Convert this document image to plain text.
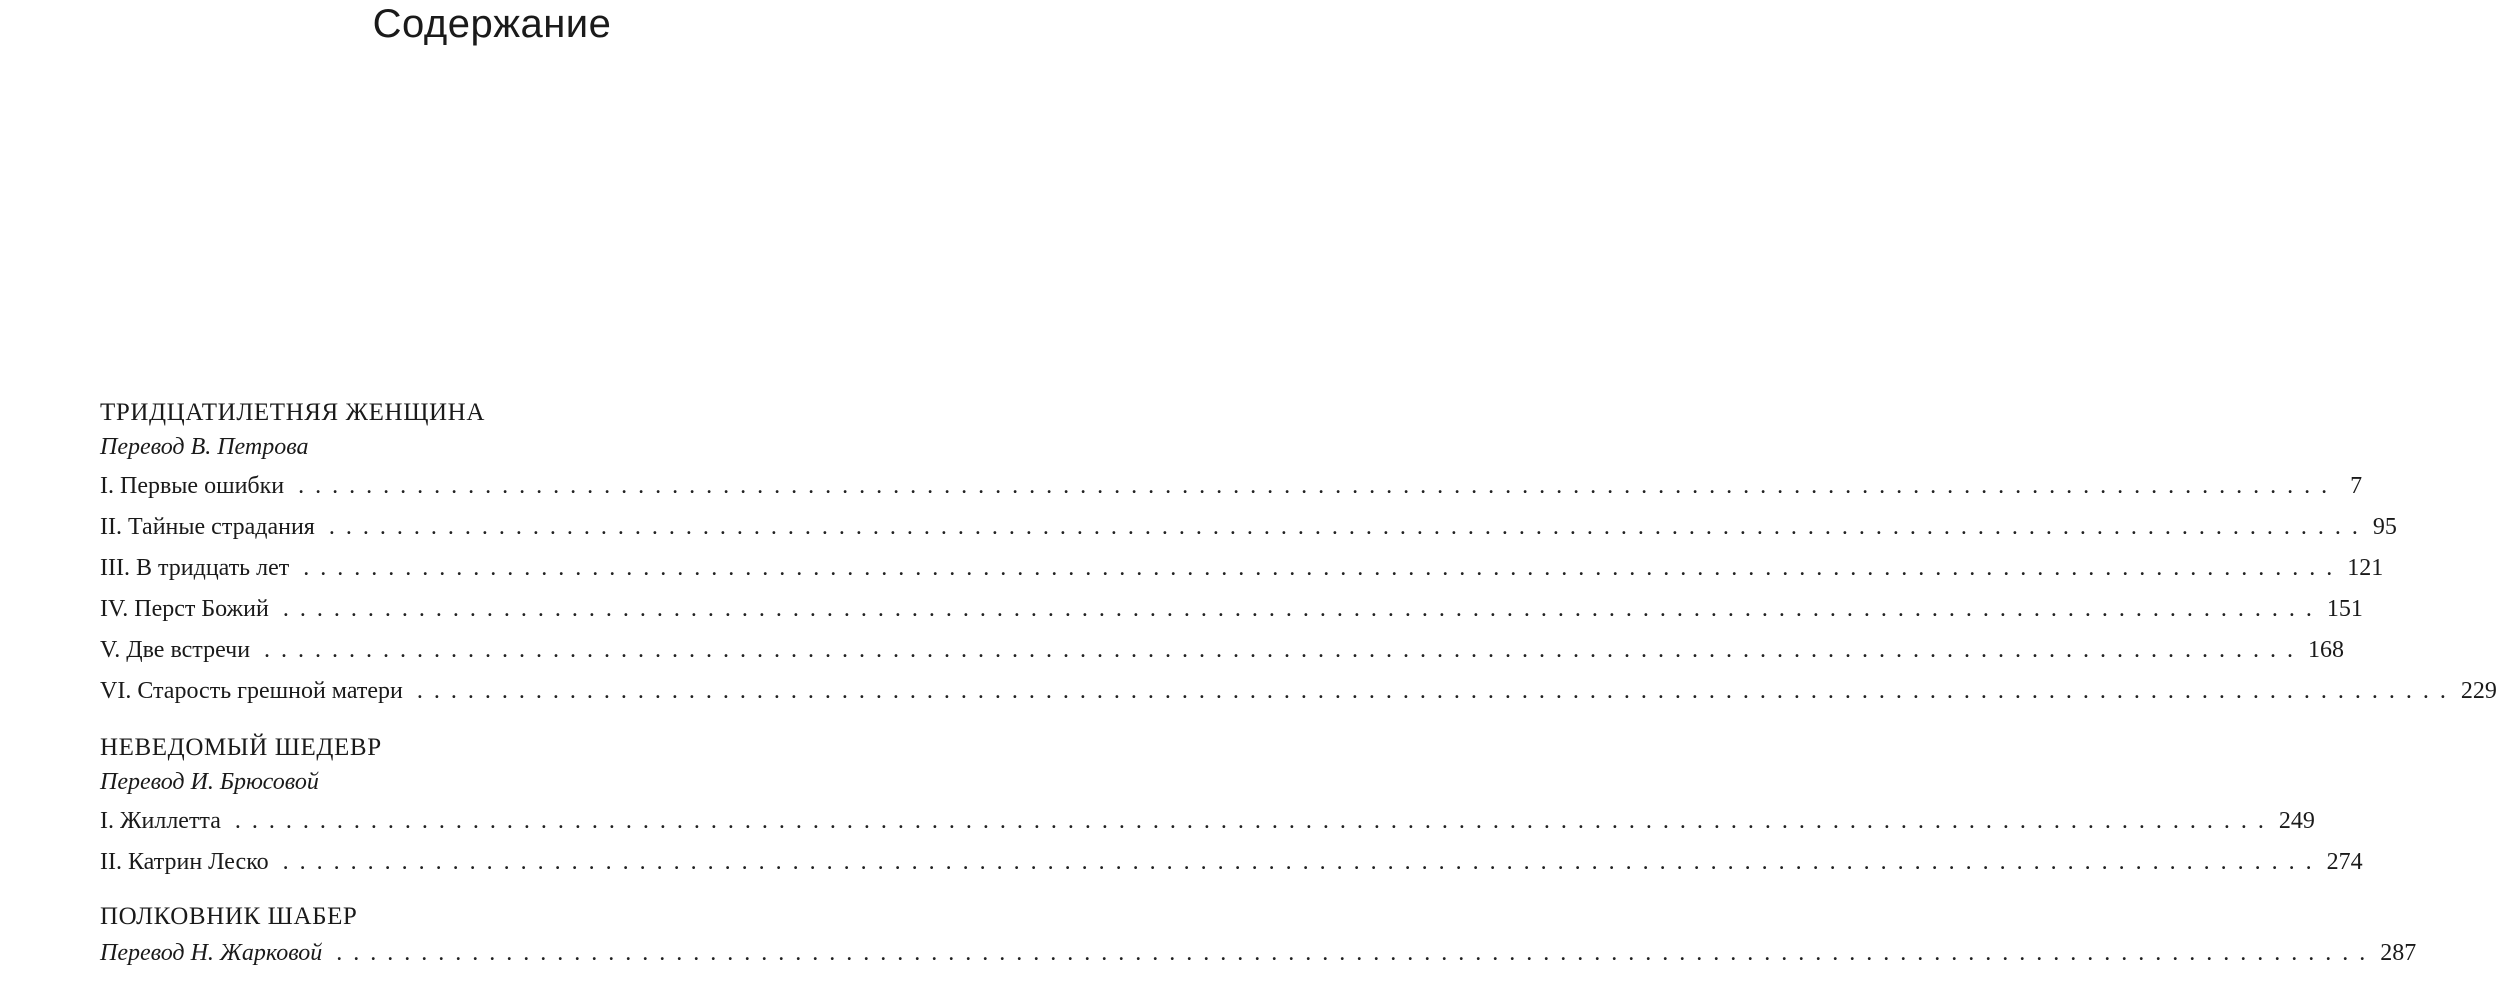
Содержание
ТРИДЦАТИЛЕТНЯЯ ЖЕНЩИНА
Перевод В. Петрова
I. Первые ошибки ........................................................................................................................ 7
II. Тайные страдания ........................................................................................................................ 95
III. В тридцать лет ........................................................................................................................ 121
IV. Перст Божий ........................................................................................................................ 151
V. Две встречи ........................................................................................................................ 168
VI. Старость грешной матери ........................................................................................................................ 229
НЕВЕДОМЫЙ ШЕДЕВР
Перевод И. Брюсовой
I. Жиллетта ........................................................................................................................ 249
II. Катрин Леско ........................................................................................................................ 274
ПОЛКОВНИК ШАБЕР
Перевод Н. Жарковой ........................................................................................................................ 287
